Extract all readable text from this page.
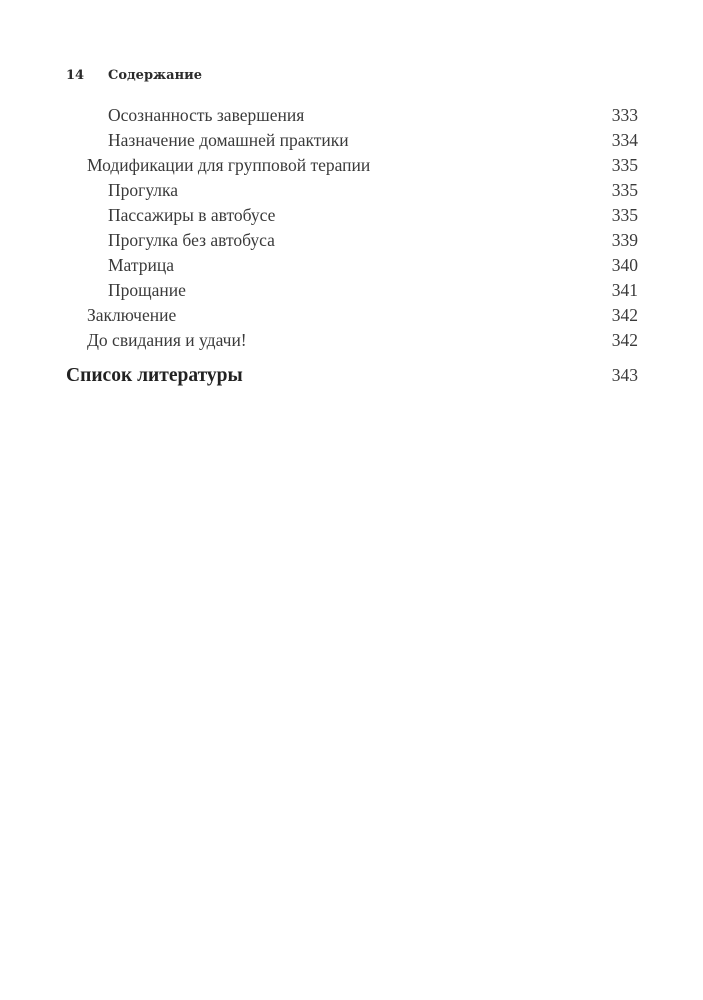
14	Содержание
Осознанность завершения	333
Назначение домашней практики	334
Модификации для групповой терапии	335
Прогулка	335
Пассажиры в автобусе	335
Прогулка без автобуса	339
Матрица	340
Прощание	341
Заключение	342
До свидания и удачи!	342
Список литературы	343
